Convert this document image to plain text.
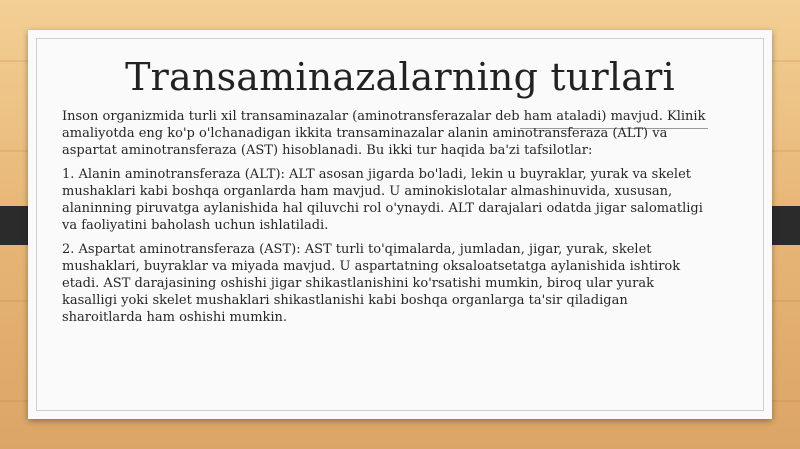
Transaminazalarning turlari

Inson organizmida turli xil transaminazalar (aminotransferazalar deb ham ataladi) mavjud. Klinik amaliyotda eng ko'p o'lchanadigan ikkita transaminazalar alanin aminotransferaza (ALT) va aspartat aminotransferaza (AST) hisoblanadi. Bu ikki tur haqida ba'zi tafsilotlar:

1. Alanin aminotransferaza (ALT): ALT asosan jigarda bo'ladi, lekin u buyraklar, yurak va skelet mushaklari kabi boshqa organlarda ham mavjud. U aminokislotalar almashinuvida, xususan, alaninning piruvatga aylanishida hal qiluvchi rol o'ynaydi. ALT darajalari odatda jigar salomatligi va faoliyatini baholash uchun ishlatiladi.

2. Aspartat aminotransferaza (AST): AST turli to'qimalarda, jumladan, jigar, yurak, skelet mushaklari, buyraklar va miyada mavjud. U aspartatning oksaloatsetatga aylanishida ishtirok etadi. AST darajasining oshishi jigar shikastlanishini ko'rsatishi mumkin, biroq ular yurak kasalligi yoki skelet mushaklari shikastlanishi kabi boshqa organlarga ta'sir qiladigan sharoitlarda ham oshishi mumkin.
